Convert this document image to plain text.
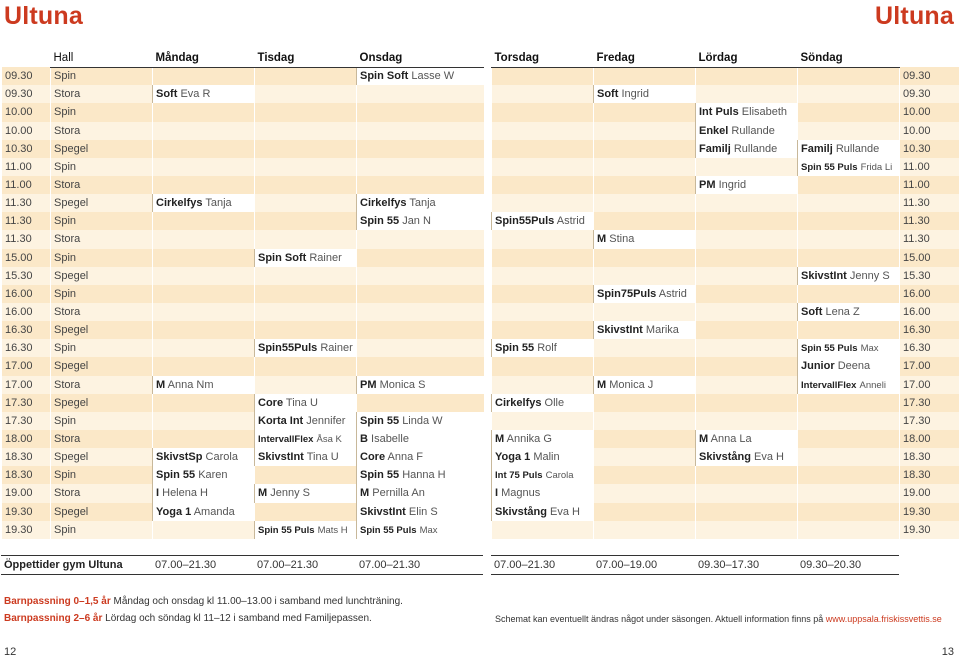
Ultuna	Ultuna
	Hall	Måndag	Tisdag	Onsdag		Torsdag	Fredag	Lördag	Söndag	
09.30	Spin			Spin Soft Lasse W						09.30
09.30	Stora	Soft Eva R					Soft Ingrid			09.30
10.00	Spin							Int Puls Elisabeth		10.00
10.00	Stora							Enkel Rullande		10.00
10.30	Spegel							Familj Rullande	Familj Rullande	10.30
11.00	Spin								Spin 55 Puls Frida Li	11.00
11.00	Stora							PM Ingrid		11.00
11.30	Spegel	Cirkelfys Tanja		Cirkelfys Tanja						11.30
11.30	Spin			Spin 55 Jan N		Spin55Puls Astrid				11.30
11.30	Stora						M Stina			11.30
15.00	Spin		Spin Soft Rainer							15.00
15.30	Spegel								SkivstInt Jenny S	15.30
16.00	Spin						Spin75Puls Astrid			16.00
16.00	Stora								Soft Lena Z	16.00
16.30	Spegel						SkivstInt Marika			16.30
16.30	Spin		Spin55Puls Rainer			Spin 55 Rolf			Spin 55 Puls Max	16.30
17.00	Spegel								Junior Deena	17.00
17.00	Stora	M Anna Nm		PM Monica S			M Monica J		IntervallFlex Anneli	17.00
17.30	Spegel		Core Tina U			Cirkelfys Olle				17.30
17.30	Spin		Korta Int Jennifer	Spin 55 Linda W						17.30
18.00	Stora		IntervallFlex Åsa K	B Isabelle		M Annika G		M Anna La		18.00
18.30	Spegel	SkivstSp Carola	SkivstInt Tina U	Core Anna F		Yoga 1 Malin		Skivstång Eva H		18.30
18.30	Spin	Spin 55 Karen		Spin 55 Hanna H		Int 75 Puls Carola				18.30
19.00	Stora	I Helena H	M Jenny S	M Pernilla An		I Magnus				19.00
19.30	Spegel	Yoga 1 Amanda		SkivstInt Elin S		Skivstång Eva H				19.30
19.30	Spin		Spin 55 Puls Mats H	Spin 55 Puls Max						19.30
Öppettider gym Ultuna	07.00–21.30	07.00–21.30	07.00–21.30		07.00–21.30	07.00–19.00	09.30–17.30	09.30–20.30	
Barnpassning 0–1,5 år Måndag och onsdag kl 11.00–13.00 i samband med lunchträning.
Barnpassning 2–6 år Lördag och söndag kl 11–12 i samband med Familjepassen.	Schemat kan eventuellt ändras något under säsongen. Aktuell information finns på www.uppsala.friskissvettis.se
12	13
